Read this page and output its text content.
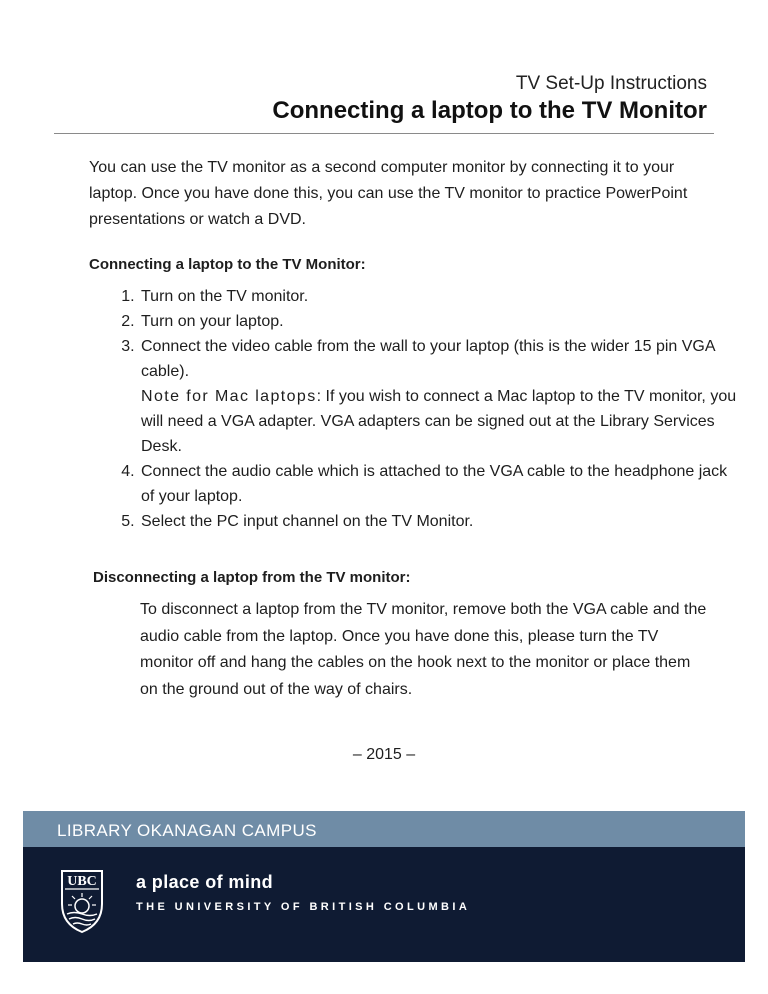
TV Set-Up Instructions
Connecting a laptop to the TV Monitor

You can use the TV monitor as a second computer monitor by connecting it to your laptop. Once you have done this, you can use the TV monitor to practice PowerPoint presentations or watch a DVD.

Connecting a laptop to the TV Monitor:
1. Turn on the TV monitor.
2. Turn on your laptop.
3. Connect the video cable from the wall to your laptop (this is the wider 15 pin VGA cable).
Note for Mac laptops: If you wish to connect a Mac laptop to the TV monitor, you will need a VGA adapter. VGA adapters can be signed out at the Library Services Desk.
4. Connect the audio cable which is attached to the VGA cable to the headphone jack of your laptop.
5. Select the PC input channel on the TV Monitor.
Disconnecting a laptop from the TV monitor:

To disconnect a laptop from the TV monitor, remove both the VGA cable and the audio cable from the laptop. Once you have done this, please turn the TV monitor off and hang the cables on the hook next to the monitor or place them on the ground out of the way of chairs.

– 2015 –
LIBRARY OKANAGAN CAMPUS
UBC a place of mind
THE UNIVERSITY OF BRITISH COLUMBIA
